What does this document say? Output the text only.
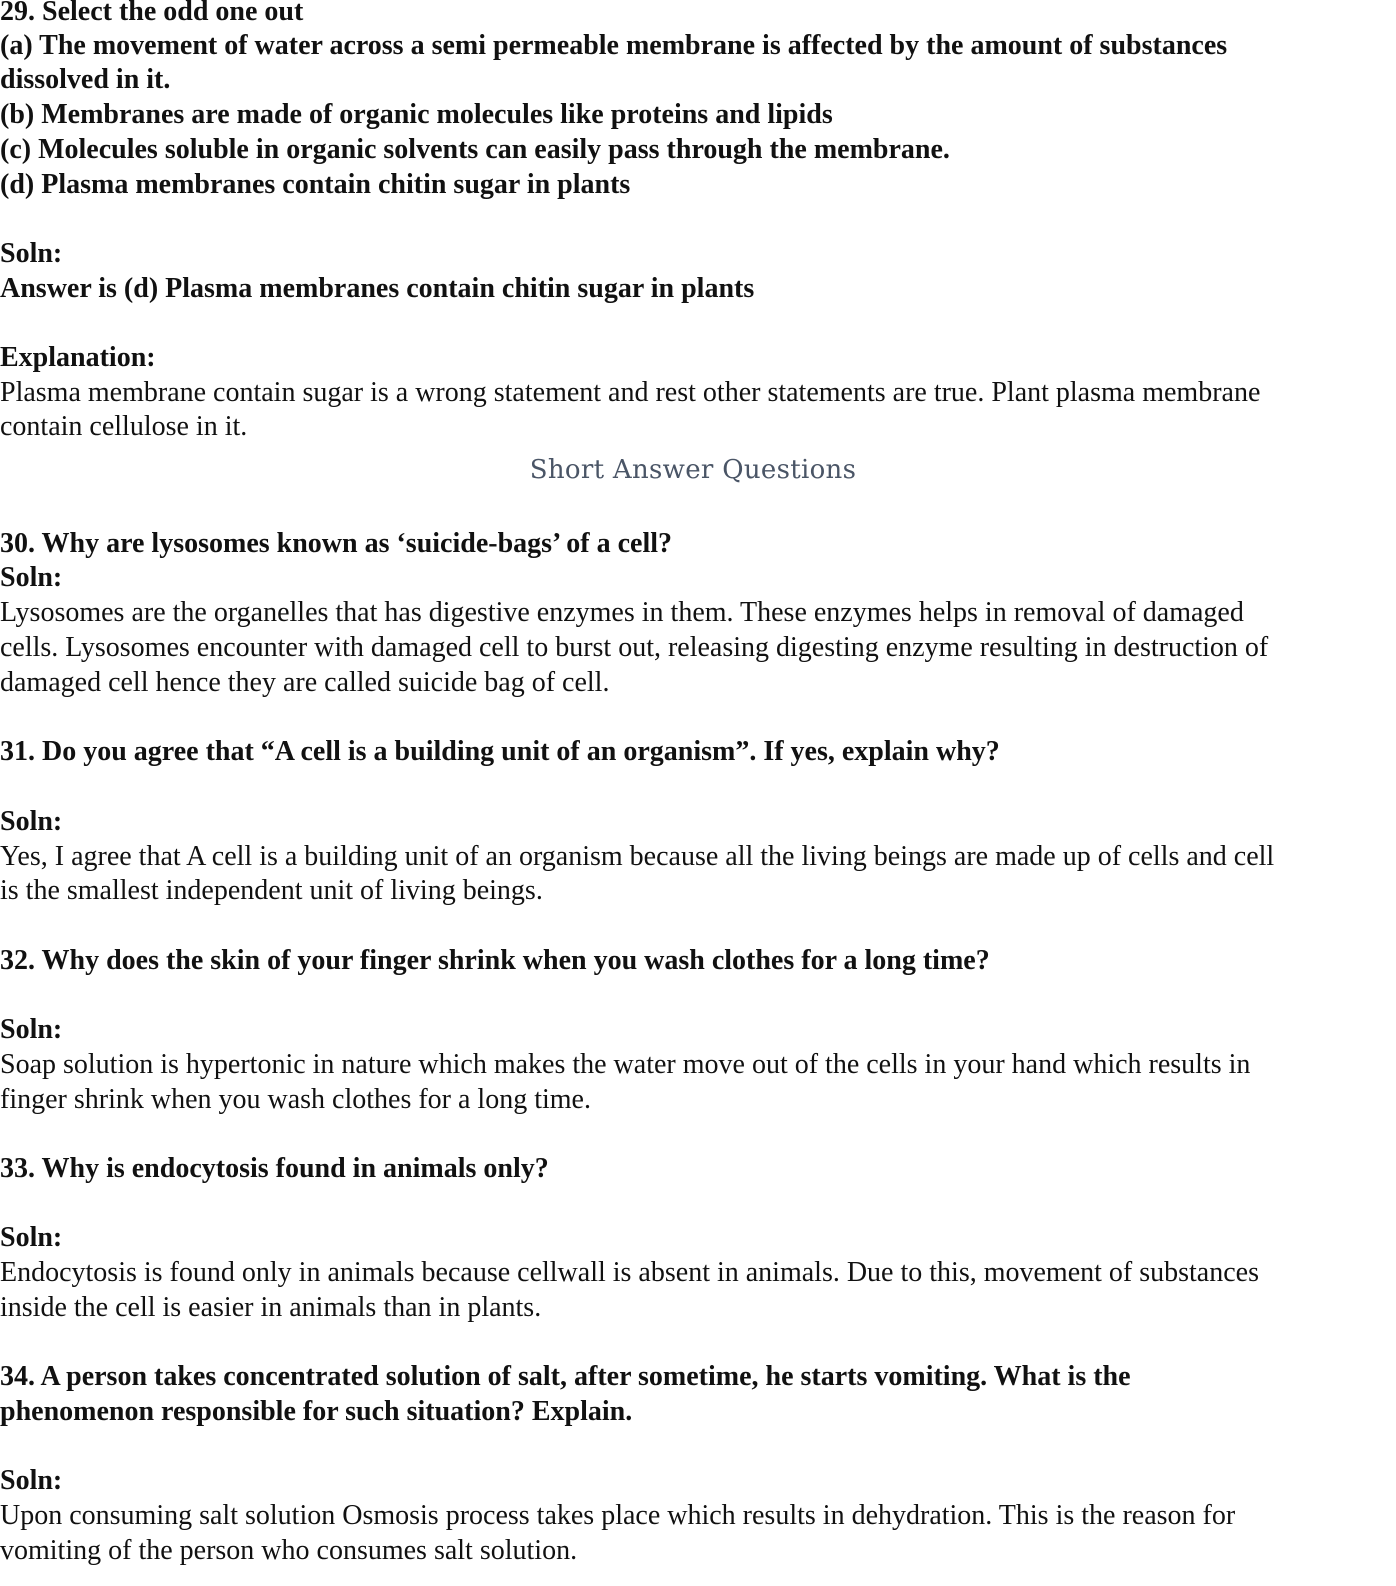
29. Select the odd one out
(a) The movement of water across a semi permeable membrane is affected by the amount of substances
dissolved in it.
(b) Membranes are made of organic molecules like proteins and lipids
(c) Molecules soluble in organic solvents can easily pass through the membrane.
(d) Plasma membranes contain chitin sugar in plants
Soln:
Answer is (d) Plasma membranes contain chitin sugar in plants
Explanation:
Plasma membrane contain sugar is a wrong statement and rest other statements are true. Plant plasma membrane
contain cellulose in it.
Short Answer Questions
30. Why are lysosomes known as ‘suicide-bags’ of a cell?
Soln:
Lysosomes are the organelles that has digestive enzymes in them. These enzymes helps in removal of damaged
cells. Lysosomes encounter with damaged cell to burst out, releasing digesting enzyme resulting in destruction of
damaged cell hence they are called suicide bag of cell.
31. Do you agree that “A cell is a building unit of an organism”. If yes, explain why?
Soln:
Yes, I agree that A cell is a building unit of an organism because all the living beings are made up of cells and cell
is the smallest independent unit of living beings.
32. Why does the skin of your finger shrink when you wash clothes for a long time?
Soln:
Soap solution is hypertonic in nature which makes the water move out of the cells in your hand which results in
finger shrink when you wash clothes for a long time.
33. Why is endocytosis found in animals only?
Soln:
Endocytosis is found only in animals because cellwall is absent in animals. Due to this, movement of substances
inside the cell is easier in animals than in plants.
34. A person takes concentrated solution of salt, after sometime, he starts vomiting. What is the
phenomenon responsible for such situation? Explain.
Soln:
Upon consuming salt solution Osmosis process takes place which results in dehydration. This is the reason for
vomiting of the person who consumes salt solution.
